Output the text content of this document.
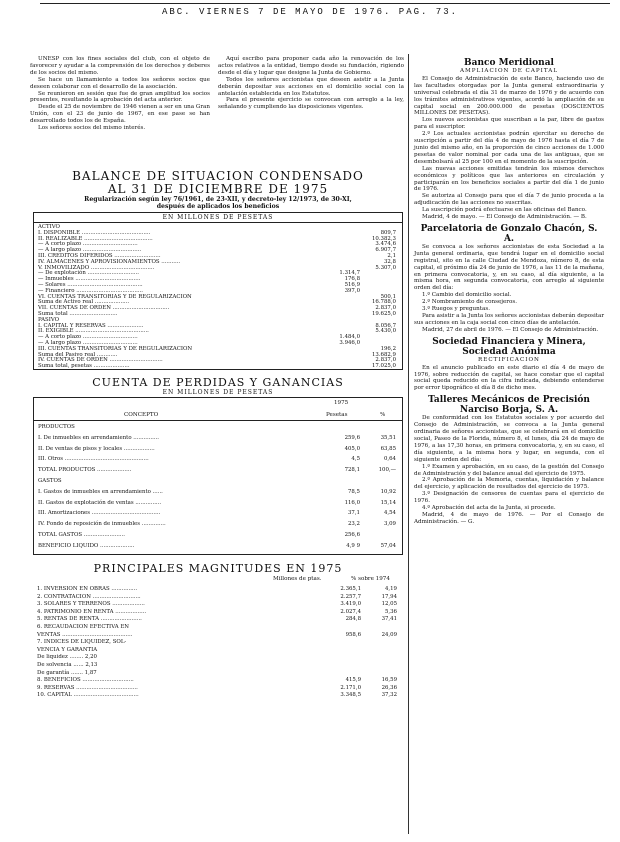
ABC. VIERNES 7 DE MAYO DE 1976. PAG. 73.

UNESP con los fines sociales del club, con el objeto de favorecer y ayudar a la comprensión de los derechos y deberes de los socios del mismo.

Se hace un llamamiento a todos los señores socios que deseen colaborar con el desarrollo de la asociación.

Se reunieron en sesión que fue de gran amplitud los socios presentes, resultando la aprobación del acta anterior.

Desde el 25 de noviembre de 1946 vienen a ser en una Gran Unión, con el 23 de junio de 1967, en ese pase se han desarrollado todos los de España.

Los señores socios del mismo interés.

Aquí escribo para proponer cada año la renovación de los actos relativos a la entidad, tiempo desde su fundación, rigiendo desde el día y lugar que designe la Junta de Gobierno.

Todos los señores accionistas que deseen asistir a la Junta deberán depositar sus acciones en el domicilio social con la antelación establecida en los Estatutos.

Para el presente ejercicio se convocan con arreglo a la ley, señalando y cumpliendo las disposiciones vigentes.

BALANCE DE SITUACION CONDENSADO
AL 31 DE DICIEMBRE DE 1975
Regularización según ley 76/1961, de 23-XII, y decreto-ley 12/1973, de 30-XI,
después de aplicados los beneficios
EN MILLONES DE PESETAS
ACTIVO
I. DISPONIBLE ........................................	809,7
II. REALIZABLE ........................................	10.382,3
— A corto plazo ................................	3.474,6
— A largo plazo ..................................	6.907,7
III. CREDITOS DIFERIDOS ...........................	2,1
IV. ALMACENES Y APROVISIONAMIENTOS ...........	32,8
V. INMOVILIZADO .....................................	5.307,0
— De explotación ..............................	1.314,7
— Inmuebles ......................................	176,8
— Solares ............................................	516,9
— Financiero .......................................	397,0
VI. CUENTAS TRANSITORIAS Y DE REGULARIZACION	500,1
Suma de Activo real ....................	16.788,0
VII. CUENTAS DE ORDEN .................................	2.837,0
Suma total ............................	19.625,0
PASIVO
I. CAPITAL Y RESERVAS .....................	8.056,7
II. EXIGIBLE ...........................................	5.430,0
— A corto plazo ................................	1.484,0
— A largo plazo ................................	3.946,0
III. CUENTAS TRANSITORIAS Y DE REGULARIZACION	196,2
Suma del Pasivo real ............	13.682,9
IV. CUENTAS DE ORDEN ...............................	2.837,0
Suma total, pesetas .....................	17.025,0
CUENTA DE PERDIDAS Y GANANCIAS
EN MILLONES DE PESETAS
CONCEPTO
1975
Pesetas	%
PRODUCTOS
I. De inmuebles en arrendamiento ...............	259,6	35,51
II. De ventas de pisos y locales ..................	405,0	63,85
III. Otros .................................................	4,5	0,64
TOTAL PRODUCTOS ....................	728,1	100,—
GASTOS
I. Gastos de inmuebles en arrendamiento ......	78,5	10,92
II. Gastos de explotación de ventas ...............	116,0	15,14
III. Amortizaciones ........................................	37,1	4,54
IV. Fondo de reposición de inmuebles ..............	23,2	3,09
TOTAL GASTOS ........................	256,6
BENEFICIO LIQUIDO ....................	4,9 9	57,04
PRINCIPALES MAGNITUDES EN 1975
Millones de ptas.	% sobre 1974
1. INVERSION EN OBRAS ...............	2.365,1	4,19
2. CONTRATACION ............................	2.257,7	17,94
3. SOLARES Y TERRENOS ...................	3.419,0	12,05
4. PATRIMONIO EN RENTA ..................	2.027,4	5,36
5. RENTAS DE RENTA ........................	284,8	37,41
6. RECAUDACION EFECTIVA EN
VENTAS .........................................	958,6	24,09
7. INDICES DE LIQUIDEZ, SOL-
VENCIA Y GARANTIA
De liquidez ........ 2,20
De solvencia ...... 2,13
De garantía ....... 1,87
8. BENEFICIOS ..............................	415,9	16,59
9. RESERVAS ....................................	2.171,0	26,36
10. CAPITAL ......................................	3.348,5	37,32
Banco Meridional
AMPLIACION DE CAPITAL

El Consejo de Administración de este Banco, haciendo uso de las facultades otorgadas por la Junta general extraordinaria y universal celebrada el día 31 de marzo de 1976 y de acuerdo con los trámites administrativos vigentes, acordó la ampliación de su capital social en 200.000.000 de pesetas (DOSCIENTOS MILLONES DE PESETAS).

Los nuevos accionistas que suscriban a la par, libre de gastos para el suscriptor.

2.º Los actuales accionistas podrán ejercitar su derecho de suscripción a partir del día 4 de mayo de 1976 hasta el día 7 de junio del mismo año, en la proporción de cinco acciones de 1.000 pesetas de valor nominal por cada una de las antiguas, que se desembolsará al 25 por 100 en el momento de la suscripción.

Las nuevas acciones emitidas tendrán los mismos derechos económicos y políticos que las anteriores en circulación y participarán en los beneficios sociales a partir del día 1 de junio de 1976.

Se autoriza al Consejo para que el día 7 de junio proceda a la adjudicación de las acciones no suscritas.

La suscripción podrá efectuarse en las oficinas del Banco.

Madrid, 4 de mayo. — El Consejo de Administración. — B.

Parcelatoria de Gonzalo Chacón, S. A.

Se convoca a los señores accionistas de esta Sociedad a la Junta general ordinaria, que tendrá lugar en el domicilio social registral, sito en la calle Ciudad de Mendoza, número 8, de esta capital, el próximo día 24 de junio de 1976, a las 11 de la mañana, en primera convocatoria, y, en su caso, al día siguiente, a la misma hora, en segunda convocatoria, con arreglo al siguiente orden del día:

1.º Cambio del domicilio social.

2.º Nombramiento de consejeros.

3.º Ruegos y preguntas.

Para asistir a la Junta los señores accionistas deberán depositar sus acciones en la caja social con cinco días de antelación.

Madrid, 27 de abril de 1976. — El Consejo de Administración.

Sociedad Financiera y Minera, Sociedad Anónima
RECTIFICACION

En el anuncio publicado en este diario el día 4 de mayo de 1976, sobre reducción de capital, se hace constar que el capital social queda reducido en la cifra indicada, debiendo entenderse por error tipográfico el día 8 de dicho mes.

Talleres Mecánicos de Precisión Narciso Borja, S. A.

De conformidad con los Estatutos sociales y por acuerdo del Consejo de Administración, se convoca a la Junta general ordinaria de señores accionistas, que se celebrará en el domicilio social, Paseo de la Florida, número 8, el lunes, día 24 de mayo de 1976, a las 17,30 horas, en primera convocatoria, y, en su caso, el día siguiente, a la misma hora y lugar, en segunda, con el siguiente orden del día:

1.º Examen y aprobación, en su caso, de la gestión del Consejo de Administración y del balance anual del ejercicio de 1975.

2.º Aprobación de la Memoria, cuentas, liquidación y balance del ejercicio, y aplicación de resultados del ejercicio de 1975.

3.º Designación de censores de cuentas para el ejercicio de 1976.

4.º Aprobación del acta de la Junta, si procede.

Madrid, 4 de mayo de 1976. — Por el Consejo de Administración. — G.
